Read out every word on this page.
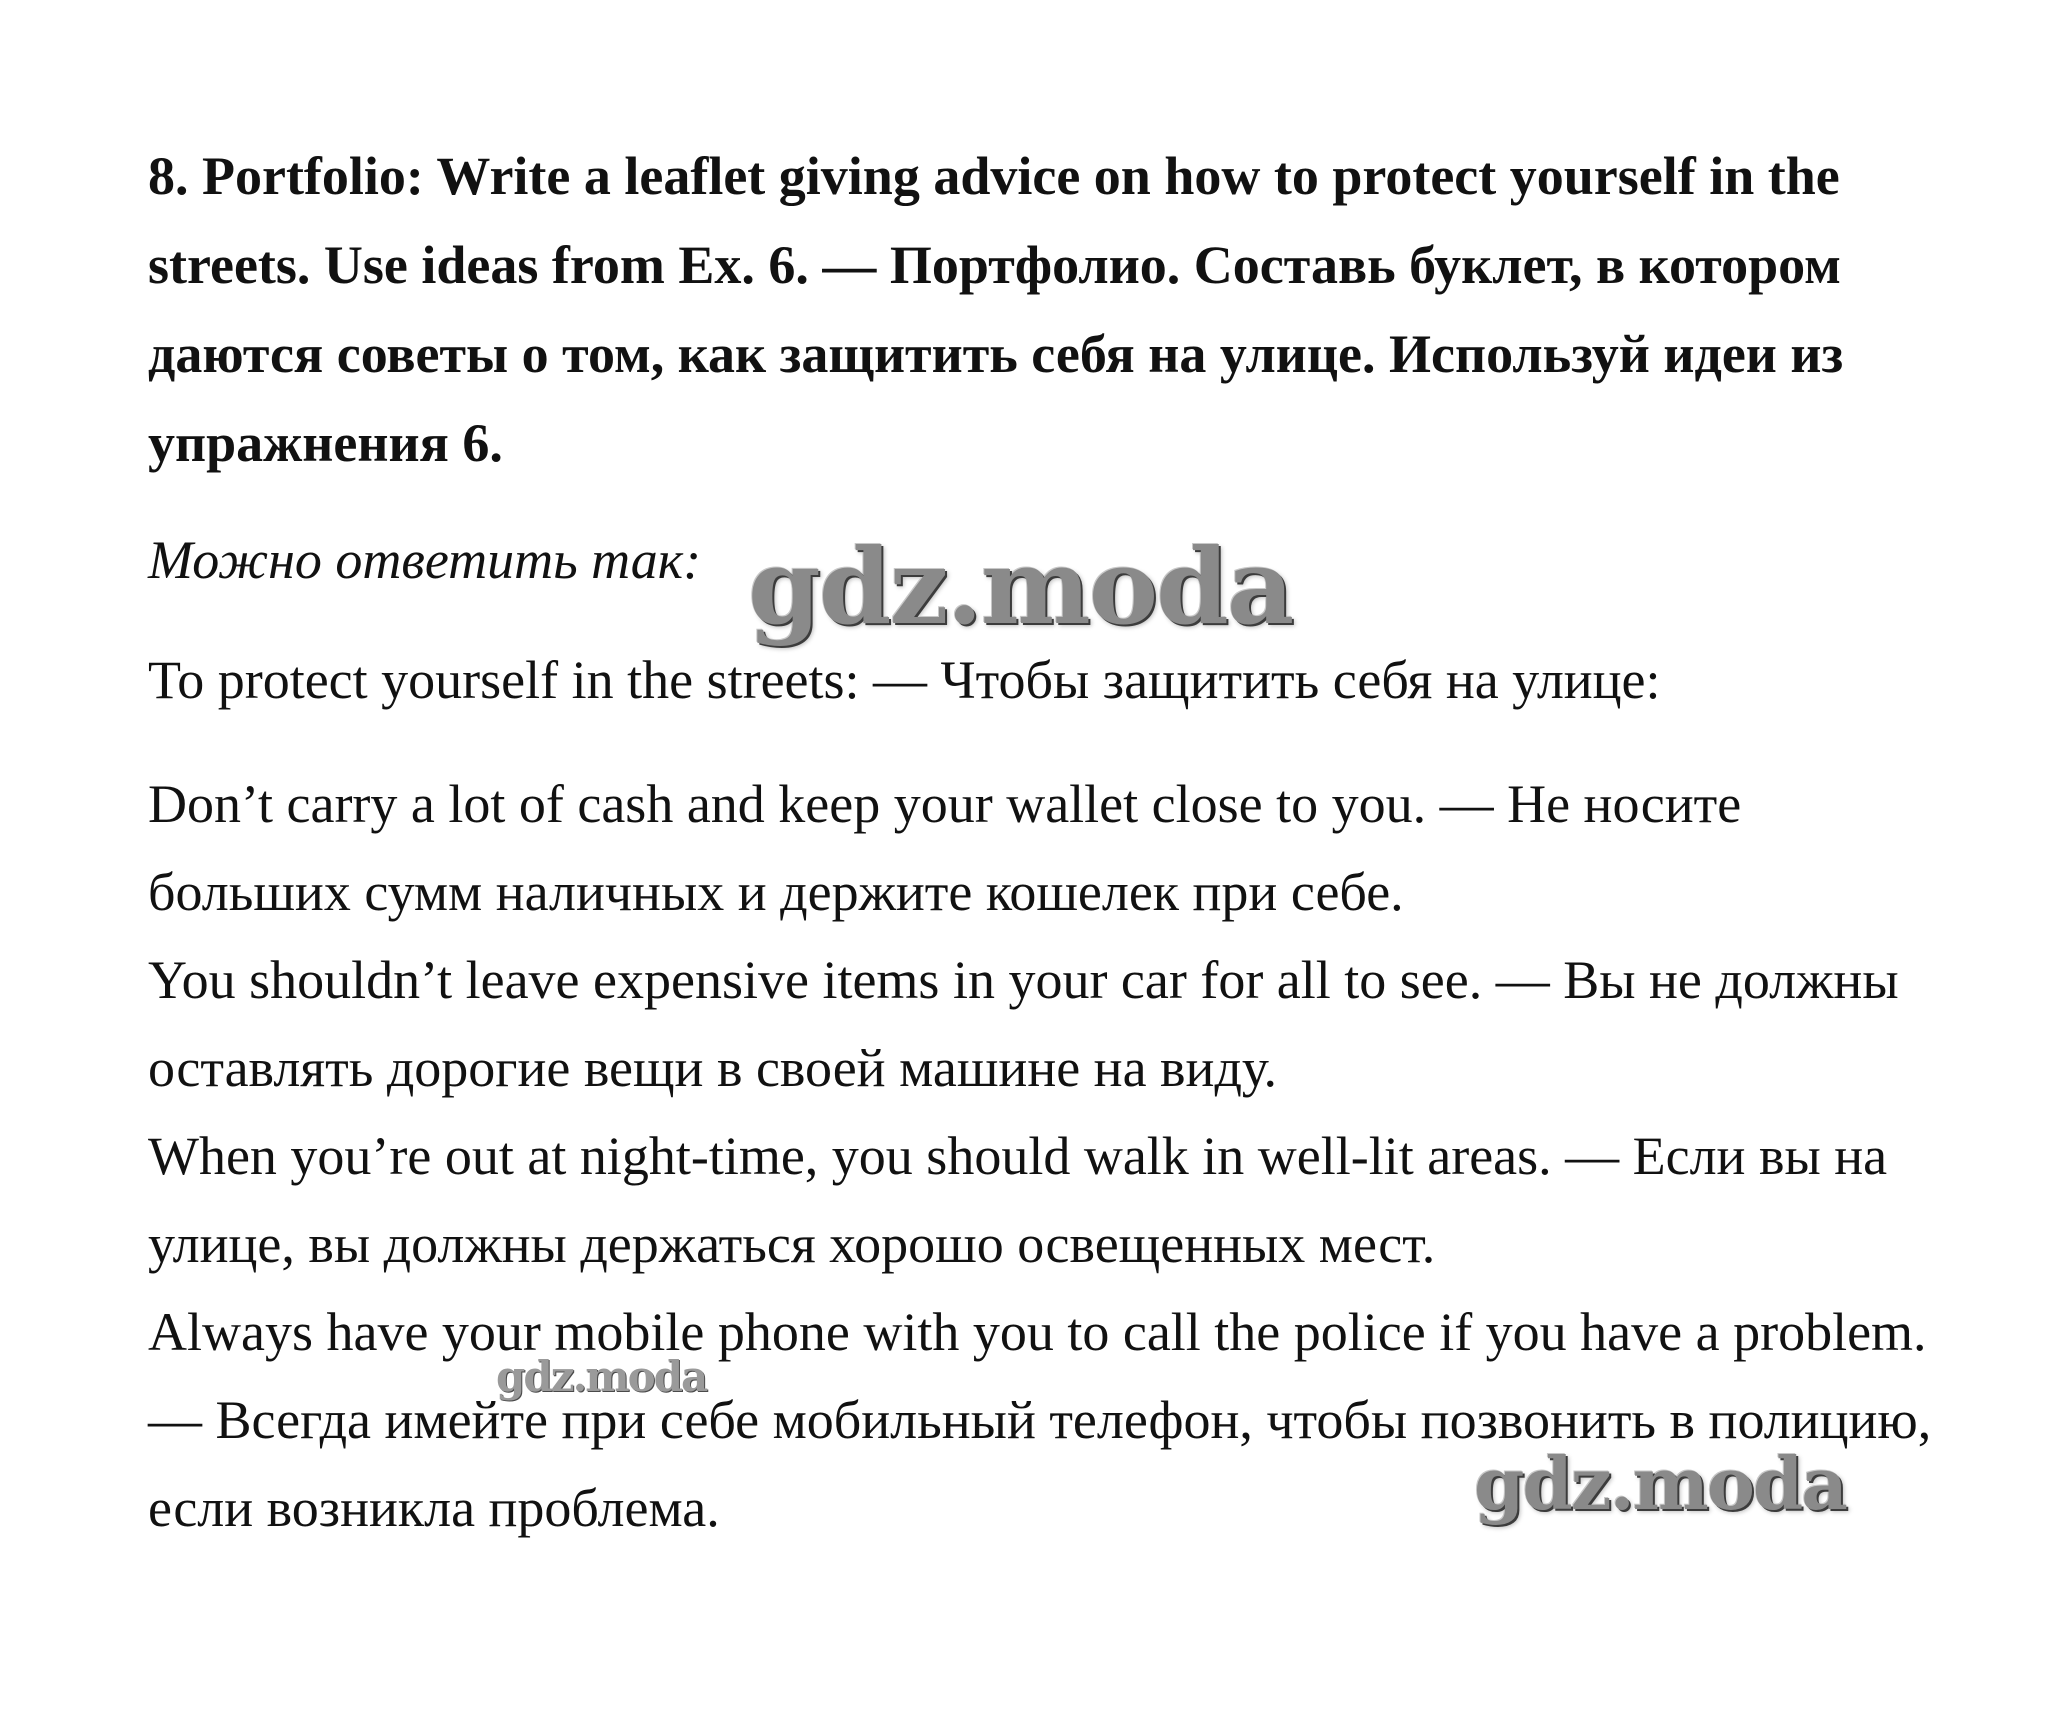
8. Portfolio: Write a leaflet giving advice on how to protect yourself in the streets. Use ideas from Ex. 6. — Портфолио. Составь буклет, в котором даются советы о том, как защитить себя на улице. Используй идеи из упражнения 6.

Можно ответить так:

To protect yourself in the streets: — Чтобы защитить себя на улице:

Don’t carry a lot of cash and keep your wallet close to you. — Не носите больших сумм наличных и держите кошелек при себе.
You shouldn’t leave expensive items in your car for all to see. — Вы не должны оставлять дорогие вещи в своей машине на виду.
When you’re out at night-time, you should walk in well-lit areas. — Если вы на улице, вы должны держаться хорошо освещенных мест.
Always have your mobile phone with you to call the police if you have a problem. — Всегда имейте при себе мобильный телефон, чтобы позвонить в полицию, если возникла проблема.
gdz.moda
gdz.moda
gdz.moda
